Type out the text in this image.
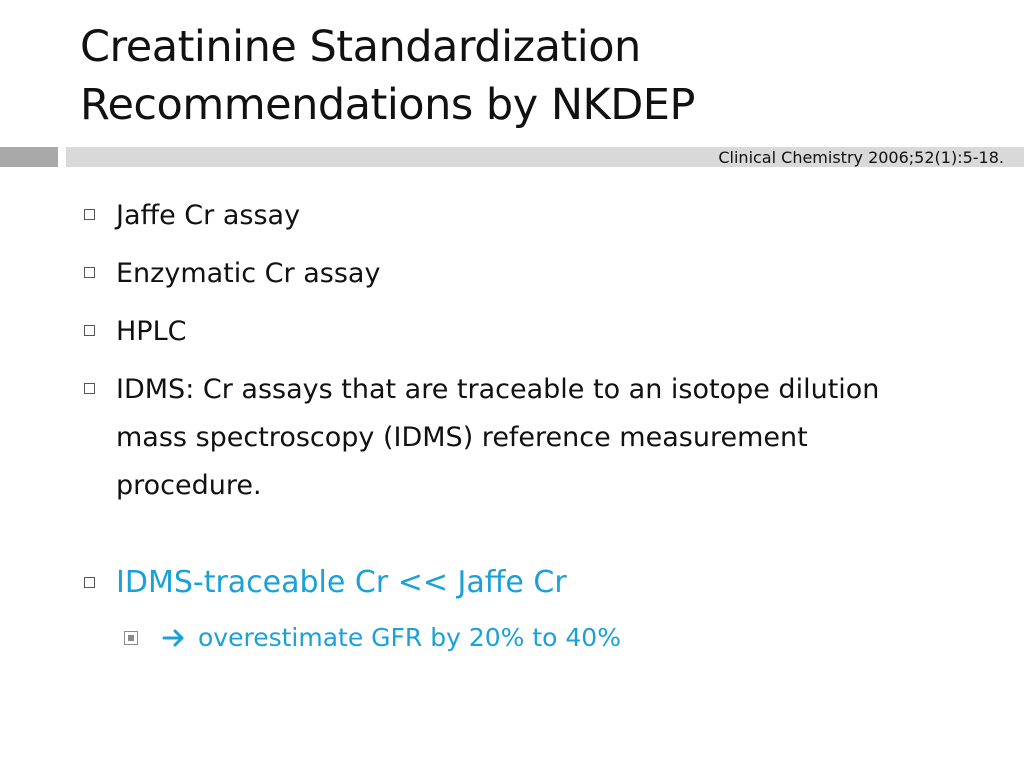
Creatinine Standardization
Recommendations by NKDEP
Clinical Chemistry 2006;52(1):5-18.
Jaffe Cr assay
Enzymatic Cr assay
HPLC
IDMS: Cr assays that are traceable to an isotope dilution mass spectroscopy (IDMS) reference measurement procedure.
IDMS-traceable Cr << Jaffe Cr
overestimate GFR by 20% to 40%
